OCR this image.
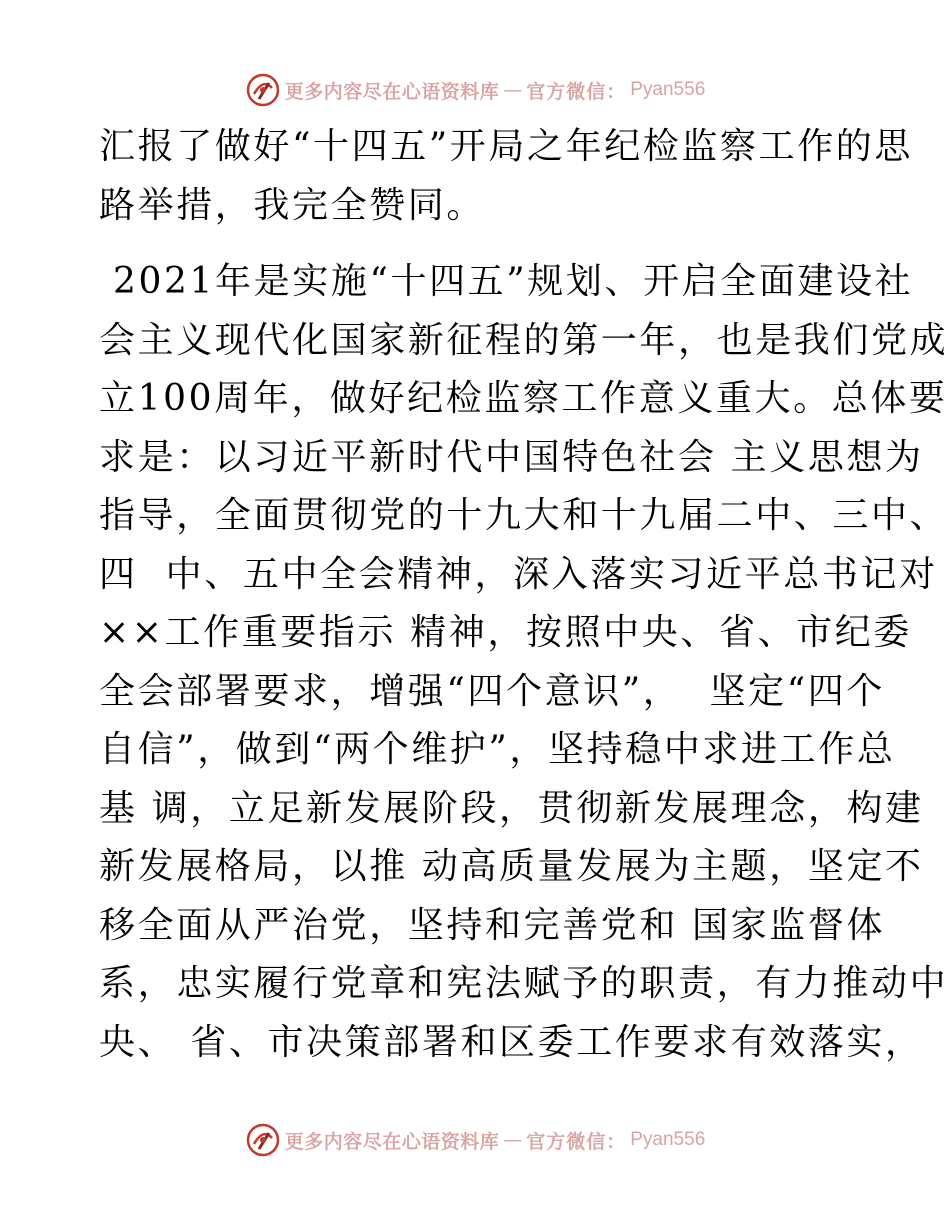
更多内容尽在心语资料库 — 官方微信： Pyan556
汇报了做好“十四五”开局之年纪检监察工作的思
路举措，我完全赞同。
2021年是实施“十四五”规划、开启全面建设社
会主义现代化国家新征程的第一年，也是我们党成
立100周年，做好纪检监察工作意义重大。总体要
求是：以习近平新时代中国特色社会 主义思想为
指导，全面贯彻党的十九大和十九届二中、三中、
四  中、五中全会精神，深入落实习近平总书记对
××工作重要指示 精神，按照中央、省、市纪委
全会部署要求，增强“四个意识”，  坚定“四个
自信”，做到“两个维护”，坚持稳中求进工作总
基 调，立足新发展阶段，贯彻新发展理念，构建
新发展格局，以推 动高质量发展为主题，坚定不
移全面从严治党，坚持和完善党和 国家监督体
系，忠实履行党章和宪法赋予的职责，有力推动中
央、 省、市决策部署和区委工作要求有效落实，
更多内容尽在心语资料库 — 官方微信： Pyan556
